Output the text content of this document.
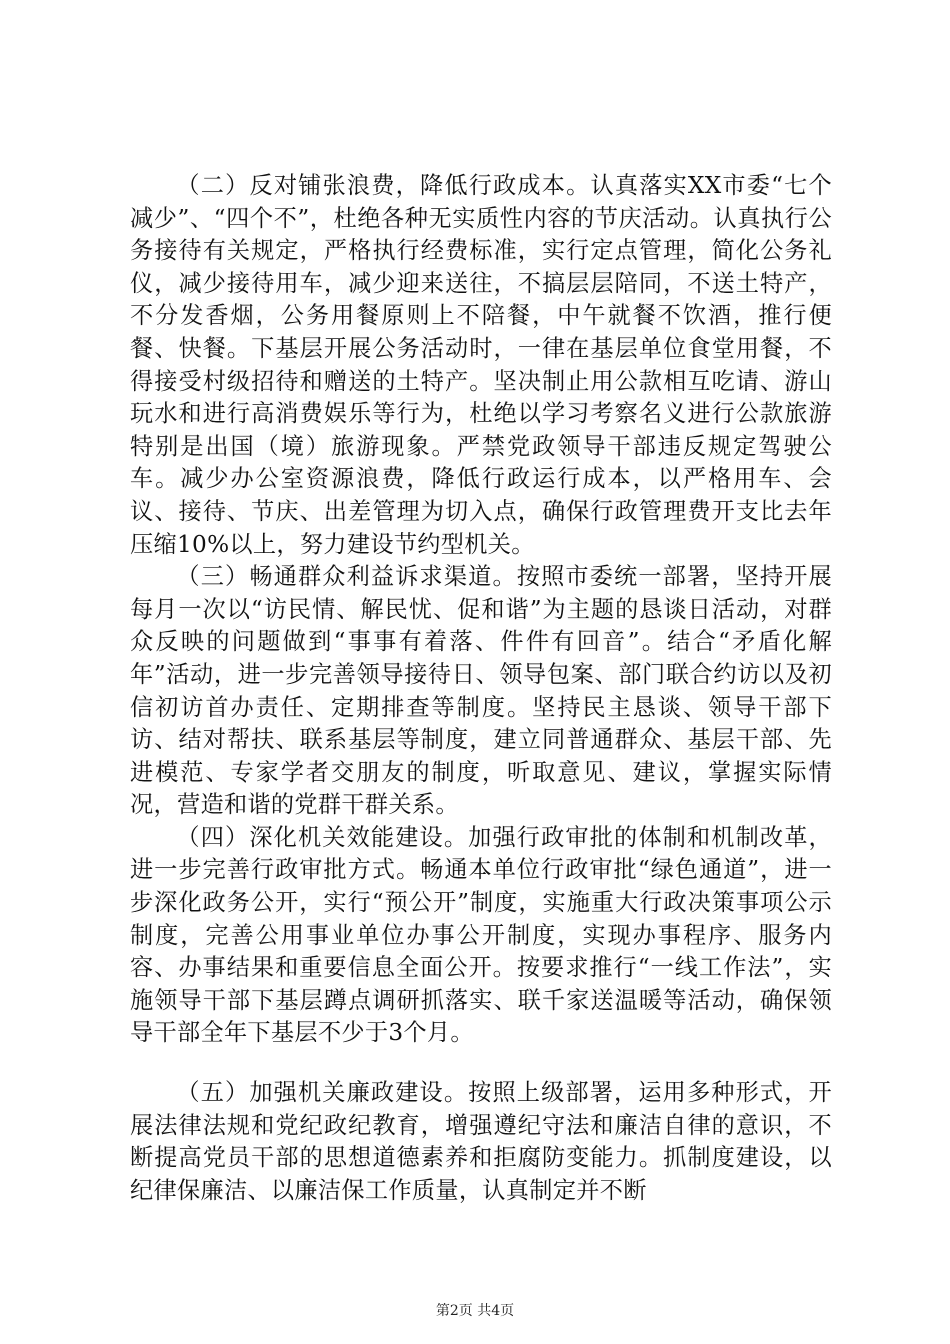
（二）反对铺张浪费，降低行政成本。认真落实XX市委“七个减少”、“四个不”，杜绝各种无实质性内容的节庆活动。认真执行公务接待有关规定，严格执行经费标准，实行定点管理，简化公务礼仪，减少接待用车，减少迎来送往，不搞层层陪同，不送土特产，不分发香烟，公务用餐原则上不陪餐，中午就餐不饮酒，推行便餐、快餐。下基层开展公务活动时，一律在基层单位食堂用餐，不得接受村级招待和赠送的土特产。坚决制止用公款相互吃请、游山玩水和进行高消费娱乐等行为，杜绝以学习考察名义进行公款旅游特别是出国（境）旅游现象。严禁党政领导干部违反规定驾驶公车。减少办公室资源浪费，降低行政运行成本，以严格用车、会议、接待、节庆、出差管理为切入点，确保行政管理费开支比去年压缩10%以上，努力建设节约型机关。

（三）畅通群众利益诉求渠道。按照市委统一部署，坚持开展每月一次以“访民情、解民忧、促和谐”为主题的恳谈日活动，对群众反映的问题做到“事事有着落、件件有回音”。结合“矛盾化解年”活动，进一步完善领导接待日、领导包案、部门联合约访以及初信初访首办责任、定期排查等制度。坚持民主恳谈、领导干部下访、结对帮扶、联系基层等制度，建立同普通群众、基层干部、先进模范、专家学者交朋友的制度，听取意见、建议，掌握实际情况，营造和谐的党群干群关系。

（四）深化机关效能建设。加强行政审批的体制和机制改革，进一步完善行政审批方式。畅通本单位行政审批“绿色通道”，进一步深化政务公开，实行“预公开”制度，实施重大行政决策事项公示制度，完善公用事业单位办事公开制度，实现办事程序、服务内容、办事结果和重要信息全面公开。按要求推行“一线工作法”，实施领导干部下基层蹲点调研抓落实、联千家送温暖等活动，确保领导干部全年下基层不少于3个月。

（五）加强机关廉政建设。按照上级部署，运用多种形式，开展法律法规和党纪政纪教育，增强遵纪守法和廉洁自律的意识，不断提高党员干部的思想道德素养和拒腐防变能力。抓制度建设，以纪律保廉洁、以廉洁保工作质量，认真制定并不断

第2页 共4页
